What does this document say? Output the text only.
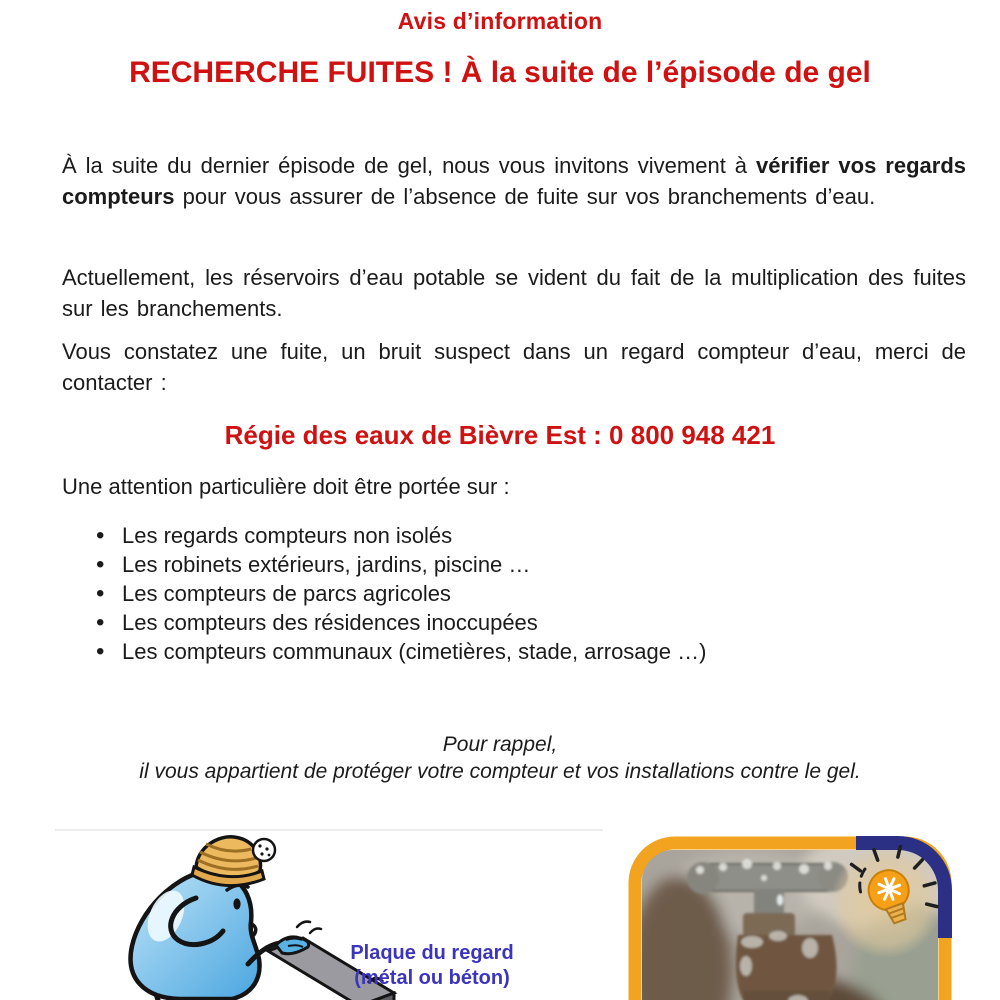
Avis d’information
RECHERCHE FUITES ! À la suite de l’épisode de gel

À la suite du dernier épisode de gel, nous vous invitons vivement à vérifier vos regards compteurs pour vous assurer de l’absence de fuite sur vos branchements d’eau.

Actuellement, les réservoirs d’eau potable se vident du fait de la multiplication des fuites sur les branchements.

Vous constatez une fuite, un bruit suspect dans un regard compteur d’eau, merci de contacter :

Régie des eaux de Bièvre Est : 0 800 948 421
Une attention particulière doit être portée sur :
• Les regards compteurs non isolés
• Les robinets extérieurs, jardins, piscine …
• Les compteurs de parcs agricoles
• Les compteurs des résidences inoccupées
• Les compteurs communaux (cimetières, stade, arrosage …)
Pour rappel,
il vous appartient de protéger votre compteur et vos installations contre le gel.
Plaque du regard
(métal ou béton)
